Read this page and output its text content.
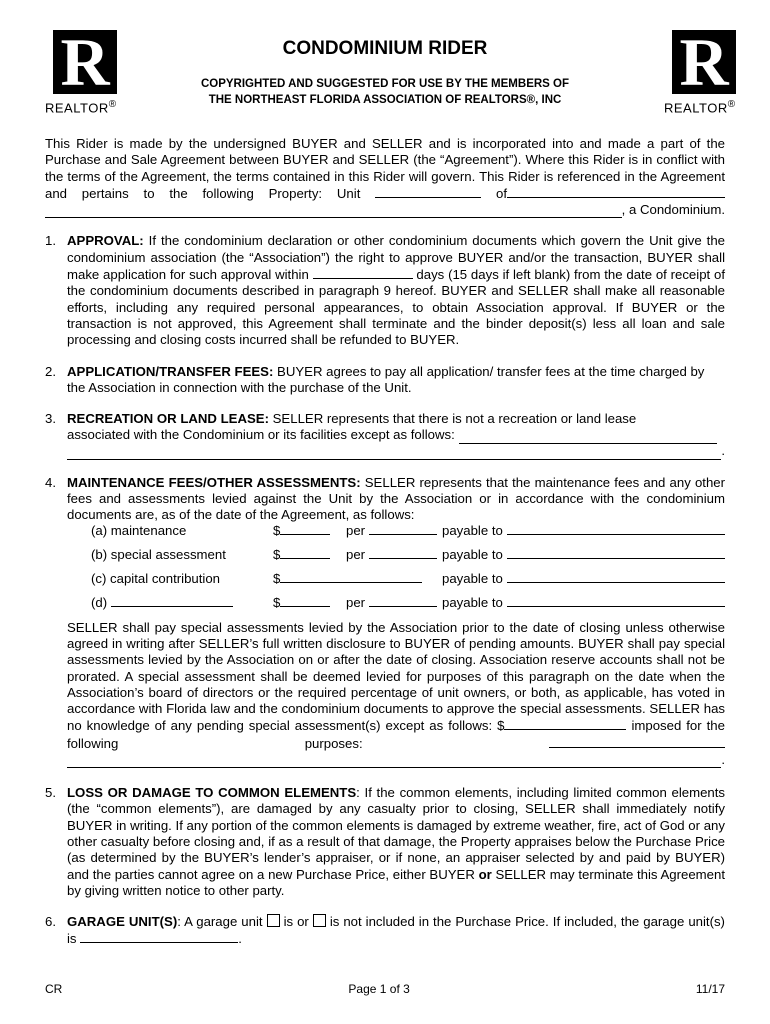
R
REALTOR®
R
REALTOR®
CONDOMINIUM RIDER
COPYRIGHTED AND SUGGESTED FOR USE BY THE MEMBERS OF
THE NORTHEAST FLORIDA ASSOCIATION OF REALTORS®, INC

This Rider is made by the undersigned BUYER and SELLER and is incorporated into and made a part of the Purchase and Sale Agreement between BUYER and SELLER (the “Agreement”). Where this Rider is in conflict with the terms of the Agreement, the terms contained in this Rider will govern. This Rider is referenced in the Agreement and pertains to the following Property: Unit	of

, a Condominium.

1. APPROVAL: If the condominium declaration or other condominium documents which govern the Unit give the condominium association (the “Association”) the right to approve BUYER and/or the transaction, BUYER shall make application for such approval within	days (15 days if left blank) from the date of receipt of the condominium documents described in paragraph 9 hereof. BUYER and SELLER shall make all reasonable efforts, including any required personal appearances, to obtain Association approval. If BUYER or the transaction is not approved, this Agreement shall terminate and the binder deposit(s) less all loan and sale processing and closing costs incurred shall be refunded to BUYER.

2. APPLICATION/TRANSFER FEES: BUYER agrees to pay all application/ transfer fees at the time charged by the Association in connection with the purchase of the Unit.

3. RECREATION OR LAND LEASE: SELLER represents that there is not a recreation or land lease

associated with the Condominium or its facilities except as follows:

.

4. MAINTENANCE FEES/OTHER ASSESSMENTS: SELLER represents that the maintenance fees and any other fees and assessments levied against the Unit by the Association or in accordance with the condominium documents are, as of the date of the Agreement, as follows:

(a) maintenance	$	per	payable to
(b) special assessment	$	per	payable to
(c) capital contribution	$	payable to
(d)	$	per	payable to

SELLER shall pay special assessments levied by the Association prior to the date of closing unless otherwise agreed in writing after SELLER’s full written disclosure to BUYER of pending amounts. BUYER shall pay special assessments levied by the Association on or after the date of closing. Association reserve accounts shall not be prorated. A special assessment shall be deemed levied for purposes of this paragraph on the date when the Association’s board of directors or the required percentage of unit owners, or both, as applicable, has voted in accordance with Florida law and the condominium documents to approve the special assessments. SELLER has no knowledge of any pending special assessment(s) except as follows: $	imposed for the following purposes:

.

5. LOSS OR DAMAGE TO COMMON ELEMENTS: If the common elements, including limited common elements (the “common elements”), are damaged by any casualty prior to closing, SELLER shall immediately notify BUYER in writing. If any portion of the common elements is damaged by extreme weather, fire, act of God or any other casualty before closing and, if as a result of that damage, the Property appraises below the Purchase Price (as determined by the BUYER’s lender’s appraiser, or if none, an appraiser selected by and paid by BUYER) and the parties cannot agree on a new Purchase Price, either BUYER or SELLER may terminate this Agreement by giving written notice to other party.

6. GARAGE UNIT(S): A garage unit is or is not included in the Purchase Price. If included, the garage unit(s) is	.

CR	Page 1 of 3	11/17
